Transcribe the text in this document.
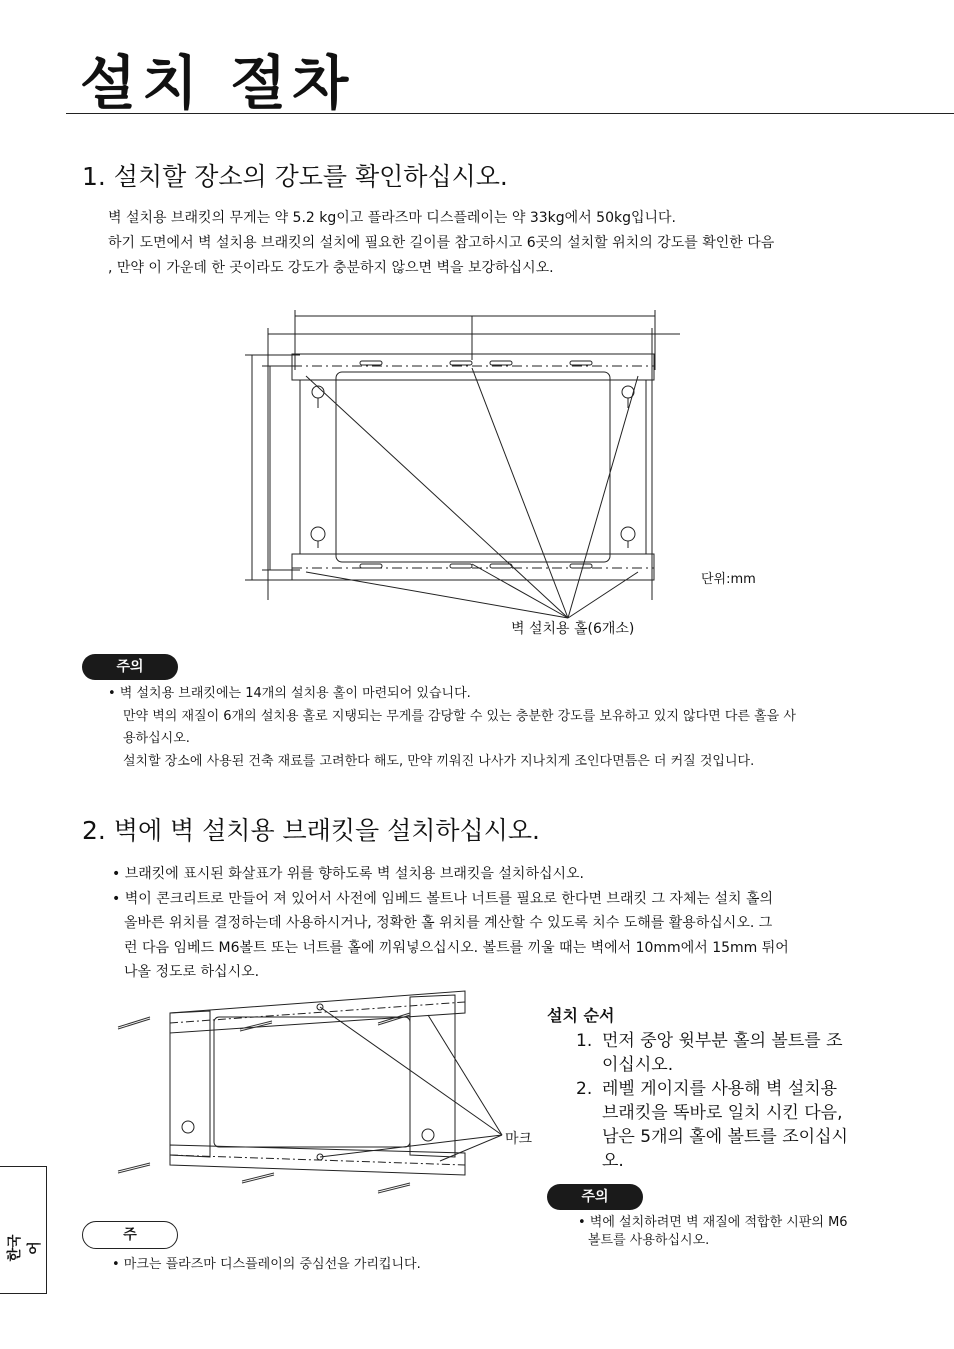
설치 절차
1. 설치할 장소의 강도를 확인하십시오.
벽 설치용 브래킷의 무게는 약 5.2 kg이고 플라즈마 디스플레이는 약 33kg에서 50kg입니다.
하기 도면에서 벽 설치용 브래킷의 설치에 필요한 길이를 참고하시고 6곳의 설치할 위치의 강도를 확인한 다음
, 만약 이 가운데 한 곳이라도 강도가 충분하지 않으면 벽을 보강하십시오.
단위:mm
벽 설치용 홀(6개소)
주의
• 벽 설치용 브래킷에는 14개의 설치용 홀이 마련되어 있습니다.
만약 벽의 재질이 6개의 설치용 홀로 지탱되는 무게를 감당할 수 있는 충분한 강도를 보유하고 있지 않다면 다른 홀을 사
용하십시오.
설치할 장소에 사용된 건축 재료를 고려한다 해도, 만약 끼워진 나사가 지나치게 조인다면틈은 더 커질 것입니다.
2. 벽에 벽 설치용 브래킷을 설치하십시오.
• 브래킷에 표시된 화살표가 위를 향하도록 벽 설치용 브래킷을 설치하십시오.
• 벽이 콘크리트로 만들어 져 있어서 사전에 임베드 볼트나 너트를 필요로 한다면 브래킷 그 자체는 설치 홀의
올바른 위치를 결정하는데 사용하시거나, 정확한 홀 위치를 계산할 수 있도록 치수 도해를 활용하십시오. 그
런 다음 임베드 M6볼트 또는 너트를 홀에 끼워넣으십시오. 볼트를 끼울 때는 벽에서 10mm에서 15mm 튀어
나올 정도로 하십시오.
마크
주
• 마크는 플라즈마 디스플레이의 중심선을 가리킵니다.
설치 순서
1. 먼저 중앙 윗부분 홀의 볼트를 조
이십시오.
2. 레벨 게이지를 사용해 벽 설치용
브래킷을 똑바로 일치 시킨 다음,
남은 5개의 홀에 볼트를 조이십시
오.
주의
• 벽에 설치하려면 벽 재질에 적합한 시판의 M6
볼트를 사용하십시오.
한국어
